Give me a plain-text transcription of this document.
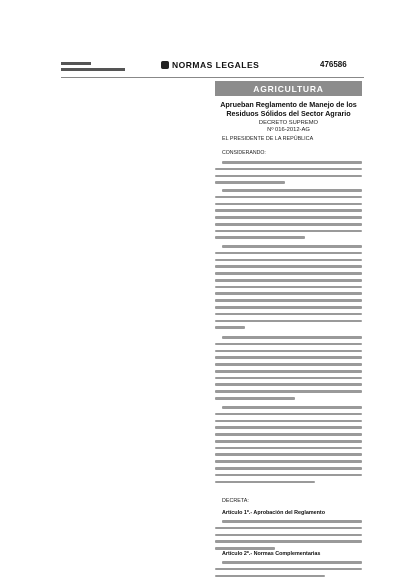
NORMAS LEGALES	476586
AGRICULTURA
Aprueban Reglamento de Manejo de los Residuos Sólidos del Sector Agrario
DECRETO SUPREMO
Nº 016-2012-AG
EL PRESIDENTE DE LA REPÚBLICA
CONSIDERANDO:
DECRETA:
Artículo 1º.- Aprobación del Reglamento
Artículo 2º.- Normas Complementarias
